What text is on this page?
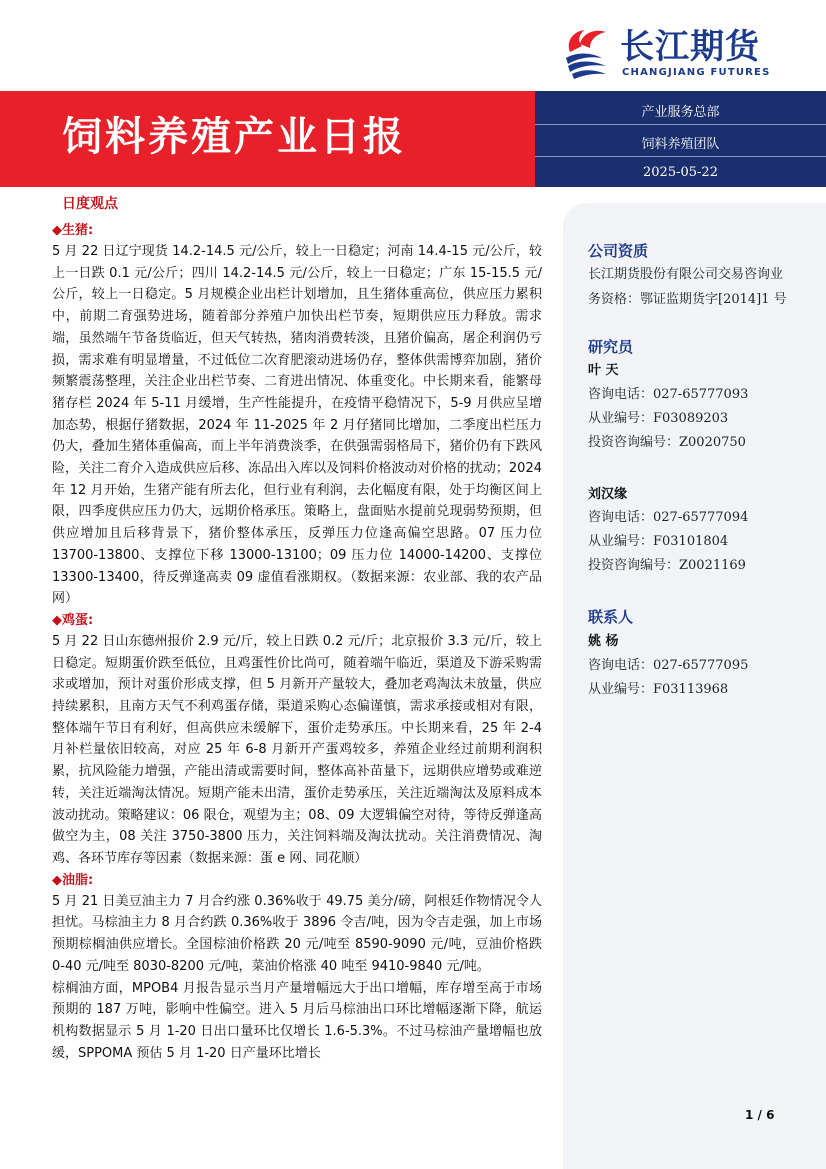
长江期货
CHANGJIANG FUTURES
饲料养殖产业日报
产业服务总部
饲料养殖团队
2025-05-22
日度观点
◆生猪:

5 月 22 日辽宁现货 14.2-14.5 元/公斤，较上一日稳定；河南 14.4-15 元/公斤，较上一日跌 0.1 元/公斤；四川 14.2-14.5 元/公斤，较上一日稳定；广东 15-15.5 元/公斤，较上一日稳定。5 月规模企业出栏计划增加，且生猪体重高位，供应压力累积中，前期二育强势进场，随着部分养殖户加快出栏节奏，短期供应压力释放。需求端，虽然端午节备货临近，但天气转热，猪肉消费转淡，且猪价偏高，屠企利润仍亏损，需求难有明显增量，不过低位二次育肥滚动进场仍存，整体供需博弈加剧，猪价频繁震荡整理，关注企业出栏节奏、二育进出情况、体重变化。中长期来看，能繁母猪存栏 2024 年 5-11 月缓增，生产性能提升，在疫情平稳情况下，5-9 月供应呈增加态势，根据仔猪数据，2024 年 11-2025 年 2 月仔猪同比增加，二季度出栏压力仍大，叠加生猪体重偏高，而上半年消费淡季，在供强需弱格局下，猪价仍有下跌风险，关注二育介入造成供应后移、冻品出入库以及饲料价格波动对价格的扰动；2024 年 12 月开始，生猪产能有所去化，但行业有利润，去化幅度有限，处于均衡区间上限，四季度供应压力仍大，远期价格承压。策略上，盘面贴水提前兑现弱势预期，但供应增加且后移背景下，猪价整体承压，反弹压力位逢高偏空思路。07 压力位 13700-13800、支撑位下移 13000-13100；09 压力位 14000-14200、支撑位 13300-13400，待反弹逢高卖 09 虚值看涨期权。（数据来源：农业部、我的农产品网）

◆鸡蛋:

5 月 22 日山东德州报价 2.9 元/斤，较上日跌 0.2 元/斤；北京报价 3.3 元/斤，较上日稳定。短期蛋价跌至低位，且鸡蛋性价比尚可，随着端午临近，渠道及下游采购需求或增加，预计对蛋价形成支撑，但 5 月新开产量较大，叠加老鸡淘汰未放量，供应持续累积，且南方天气不利鸡蛋存储，渠道采购心态偏谨慎，需求承接或相对有限，整体端午节日有利好，但高供应未缓解下，蛋价走势承压。中长期来看，25 年 2-4 月补栏量依旧较高，对应 25 年 6-8 月新开产蛋鸡较多，养殖企业经过前期利润积累，抗风险能力增强，产能出清或需要时间，整体高补苗量下，远期供应增势或难逆转，关注近端淘汰情况。短期产能未出清，蛋价走势承压，关注近端淘汰及原料成本波动扰动。策略建议：06 限仓，观望为主；08、09 大逻辑偏空对待，等待反弹逢高做空为主，08 关注 3750-3800 压力，关注饲料端及淘汰扰动。关注消费情况、淘鸡、各环节库存等因素（数据来源：蛋 e 网、同花顺）

◆油脂:

5 月 21 日美豆油主力 7 月合约涨 0.36%收于 49.75 美分/磅，阿根廷作物情况令人担忧。马棕油主力 8 月合约跌 0.36%收于 3896 令吉/吨，因为令吉走强，加上市场预期棕榈油供应增长。全国棕油价格跌 20 元/吨至 8590-9090 元/吨，豆油价格跌 0-40 元/吨至 8030-8200 元/吨，菜油价格涨 40 吨至 9410-9840 元/吨。

棕榈油方面，MPOB4 月报告显示当月产量增幅远大于出口增幅，库存增至高于市场预期的 187 万吨，影响中性偏空。进入 5 月后马棕油出口环比增幅逐渐下降，航运机构数据显示 5 月 1-20 日出口量环比仅增长 1.6-5.3%。不过马棕油产量增幅也放缓，SPPOMA 预估 5 月 1-20 日产量环比增长

公司资质
长江期货股份有限公司交易咨询业
务资格：鄂证监期货字[2014]1 号
研究员
叶 天
咨询电话：027-65777093
从业编号：F03089203
投资咨询编号：Z0020750
刘汉缘
咨询电话：027-65777094
从业编号：F03101804
投资咨询编号：Z0021169
联系人
姚 杨
咨询电话：027-65777095
从业编号：F03113968
1 / 6
